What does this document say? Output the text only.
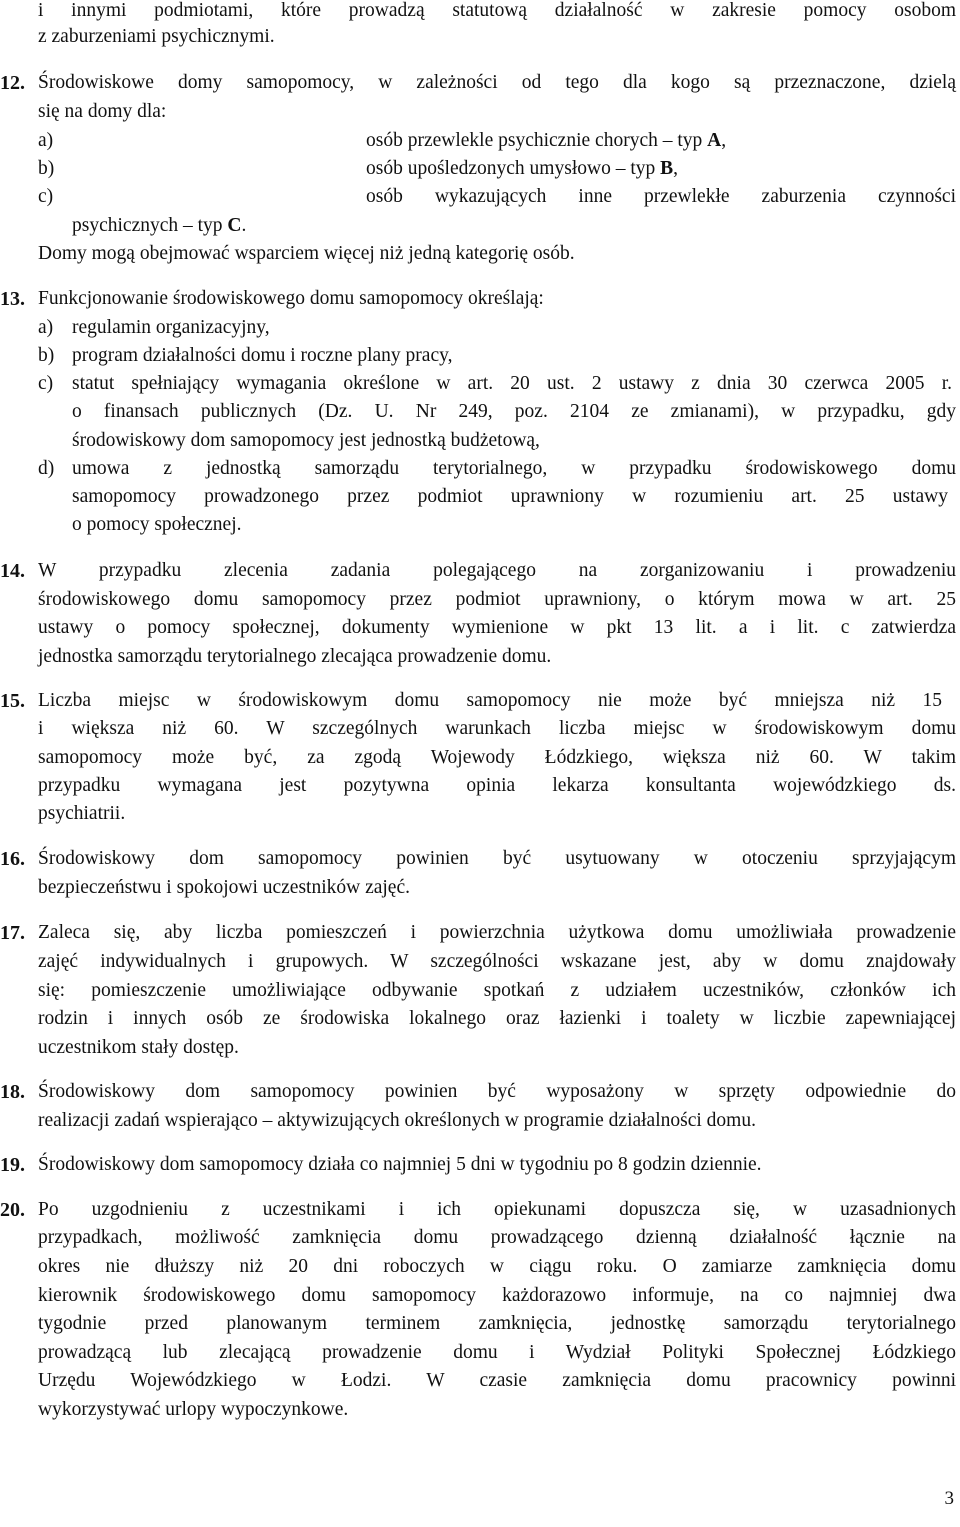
i innymi podmiotami, które prowadzą statutową działalność w zakresie pomocy osobom

z zaburzeniami psychicznymi.

12. Środowiskowe domy samopomocy, w zależności od tego dla kogo są przeznaczone, dzielą

się na domy dla:

a)	osób przewlekle psychicznie chorych – typ A,

b)	osób upośledzonych umysłowo – typ B,

c)	osób wykazujących inne przewlekłe zaburzenia czynności

psychicznych – typ C.

Domy mogą obejmować wsparciem więcej niż jedną kategorię osób.

13. Funkcjonowanie środowiskowego domu samopomocy określają:

a) regulamin organizacyjny,

b) program działalności domu i roczne plany pracy,

c) statut spełniający wymagania określone w art. 20 ust. 2 ustawy z dnia 30 czerwca 2005 r.

o finansach publicznych (Dz. U. Nr 249, poz. 2104 ze zmianami), w przypadku, gdy

środowiskowy dom samopomocy jest jednostką budżetową,

d) umowa z jednostką samorządu terytorialnego, w przypadku środowiskowego domu

samopomocy prowadzonego przez podmiot uprawniony w rozumieniu art. 25 ustawy

o pomocy społecznej.

14. W przypadku zlecenia zadania polegającego na zorganizowaniu i prowadzeniu

środowiskowego domu samopomocy przez podmiot uprawniony, o którym mowa w art. 25

ustawy o pomocy społecznej, dokumenty wymienione w pkt 13 lit. a i lit. c zatwierdza

jednostka samorządu terytorialnego zlecająca prowadzenie domu.

15. Liczba miejsc w środowiskowym domu samopomocy nie może być mniejsza niż 15

i większa niż 60. W szczególnych warunkach liczba miejsc w środowiskowym domu

samopomocy może być, za zgodą Wojewody Łódzkiego, większa niż 60. W takim

przypadku wymagana jest pozytywna opinia lekarza konsultanta wojewódzkiego ds.

psychiatrii.

16. Środowiskowy dom samopomocy powinien być usytuowany w otoczeniu sprzyjającym

bezpieczeństwu i spokojowi uczestników zajęć.

17. Zaleca się, aby liczba pomieszczeń i powierzchnia użytkowa domu umożliwiała prowadzenie

zajęć indywidualnych i grupowych. W szczególności wskazane jest, aby w domu znajdowały

się: pomieszczenie umożliwiające odbywanie spotkań z udziałem uczestników, członków ich

rodzin i innych osób ze środowiska lokalnego oraz łazienki i toalety w liczbie zapewniającej

uczestnikom stały dostęp.

18. Środowiskowy dom samopomocy powinien być wyposażony w sprzęty odpowiednie do

realizacji zadań wspierająco – aktywizujących określonych w programie działalności domu.

19. Środowiskowy dom samopomocy działa co najmniej 5 dni w tygodniu po 8 godzin dziennie.

20. Po uzgodnieniu z uczestnikami i ich opiekunami dopuszcza się, w uzasadnionych

przypadkach, możliwość zamknięcia domu prowadzącego dzienną działalność łącznie na

okres nie dłuższy niż 20 dni roboczych w ciągu roku. O zamiarze zamknięcia domu

kierownik środowiskowego domu samopomocy każdorazowo informuje, na co najmniej dwa

tygodnie przed planowanym terminem zamknięcia, jednostkę samorządu terytorialnego

prowadzącą lub zlecającą prowadzenie domu i Wydział Polityki Społecznej Łódzkiego

Urzędu Wojewódzkiego w Łodzi. W czasie zamknięcia domu pracownicy powinni

wykorzystywać urlopy wypoczynkowe.

3
